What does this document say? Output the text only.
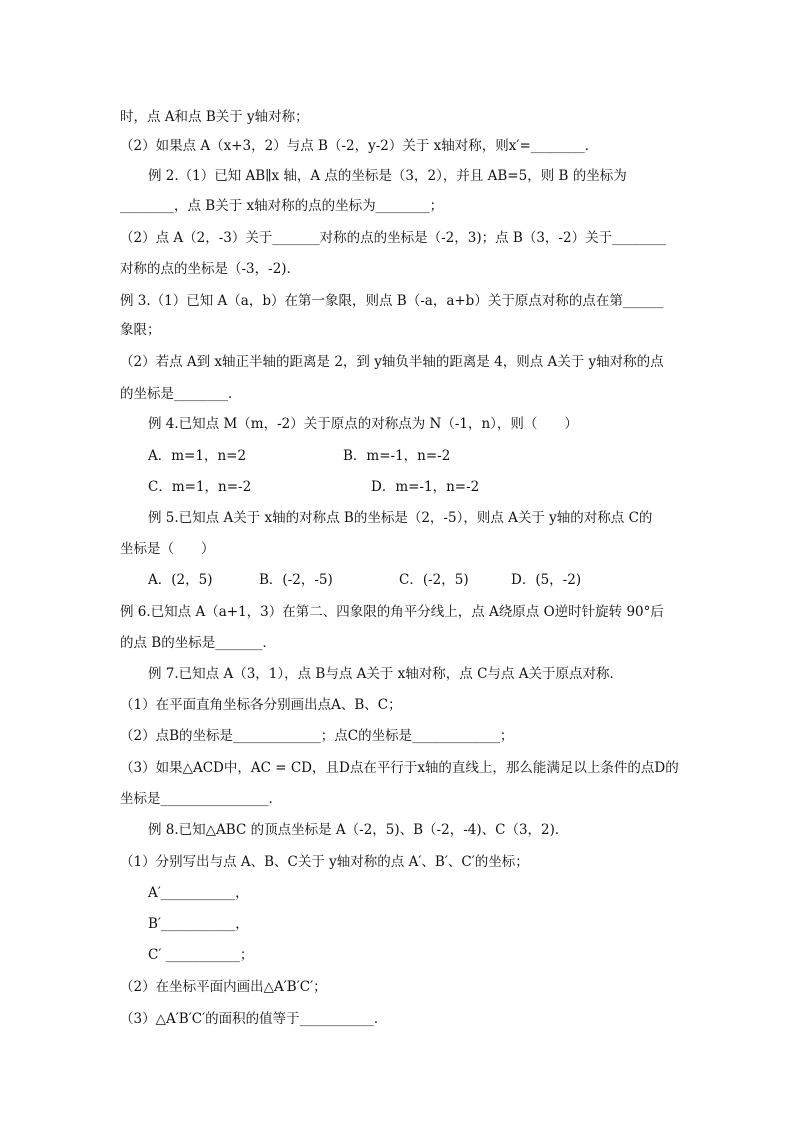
时，点 A和点 B关于 y轴对称；
（2）如果点 A（x+3，2）与点 B（-2，y-2）关于 x轴对称，则x′=________．
例 2.（1）已知 AB∥x 轴，A 点的坐标是（3，2），并且 AB=5，则 B 的坐标为
________，点 B关于 x轴对称的点的坐标为________；
（2）点 A（2，-3）关于_______对称的点的坐标是（-2，3)；点 B（3，-2）关于________
对称的点的坐标是（-3，-2)．
例 3.（1）已知 A（a，b）在第一象限，则点 B（-a，a+b）关于原点对称的点在第______
象限；
（2）若点 A到 x轴正半轴的距离是 2，到 y轴负半轴的距离是 4，则点 A关于 y轴对称的点
的坐标是________．
例 4.已知点 M（m，-2）关于原点的对称点为 N（-1，n），则（　　）
A．m=1，n=2	B．m=-1，n=-2
C．m=1，n=-2	D．m=-1，n=-2
例 5.已知点 A关于 x轴的对称点 B的坐标是（2，-5），则点 A关于 y轴的对称点 C的
坐标是（　　）
A．(2，5)	B．(-2，-5)	C．(-2，5)	D．(5，-2)
例 6.已知点 A（a+1，3）在第二、四象限的角平分线上，点 A绕原点 O逆时针旋转 90°后
的点 B的坐标是_______．
例 7.已知点 A（3，1），点 B与点 A关于 x轴对称，点 C与点 A关于原点对称．
（1）在平面直角坐标各分别画出点A、B、C；
（2）点B的坐标是_____________；点C的坐标是_____________；
（3）如果△ACD中，AC = CD，且D点在平行于x轴的直线上，那么能满足以上条件的点D的
坐标是________________．
例 8.已知△ABC 的顶点坐标是 A（-2，5)、B（-2，-4)、C（3，2)．
（1）分别写出与点 A、B、C关于 y轴对称的点 A′、B′、C′的坐标；
A′___________，
B′___________，
C′ ___________；
（2）在坐标平面内画出△A′B′C′；
（3）△A′B′C′的面积的值等于___________．
